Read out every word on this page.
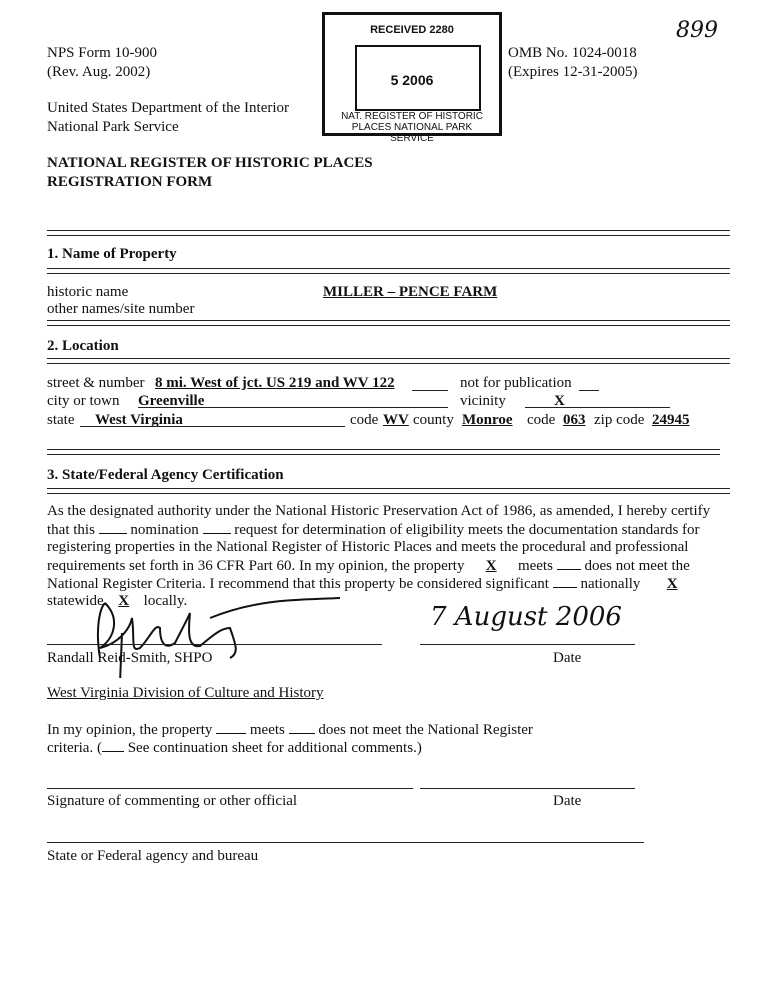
NPS Form 10-900
(Rev. Aug. 2002)
OMB No. 1024-0018
(Expires 12-31-2005)
United States Department of the Interior
National Park Service
899
RECEIVED 2280
5 2006
NAT. REGISTER OF HISTORIC PLACES NATIONAL PARK SERVICE
NATIONAL REGISTER OF HISTORIC PLACES
REGISTRATION FORM
1. Name of Property
historic name	MILLER – PENCE FARM
other names/site number
2. Location
street & number 8 mi. West of jct. US 219 and WV 122	not for publication
city or town Greenville	vicinity	X
state West Virginia	code WV county Monroe code 063 zip code 24945
3. State/Federal Agency Certification
As the designated authority under the National Historic Preservation Act of 1986, as amended, I hereby certify
that this nomination request for determination of eligibility meets the documentation standards for
registering properties in the National Register of Historic Places and meets the procedural and professional
requirements set forth in 36 CFR Part 60. In my opinion, the property X meets does not meet the
National Register Criteria. I recommend that this property be considered significant nationally X
statewide X locally.
Randall Reid-Smith, SHPO
7 August 2006
Date
West Virginia Division of Culture and History
In my opinion, the property	meets does not meet the National Register
criteria. ( See continuation sheet for additional comments.)
Signature of commenting or other official	Date
State or Federal agency and bureau
